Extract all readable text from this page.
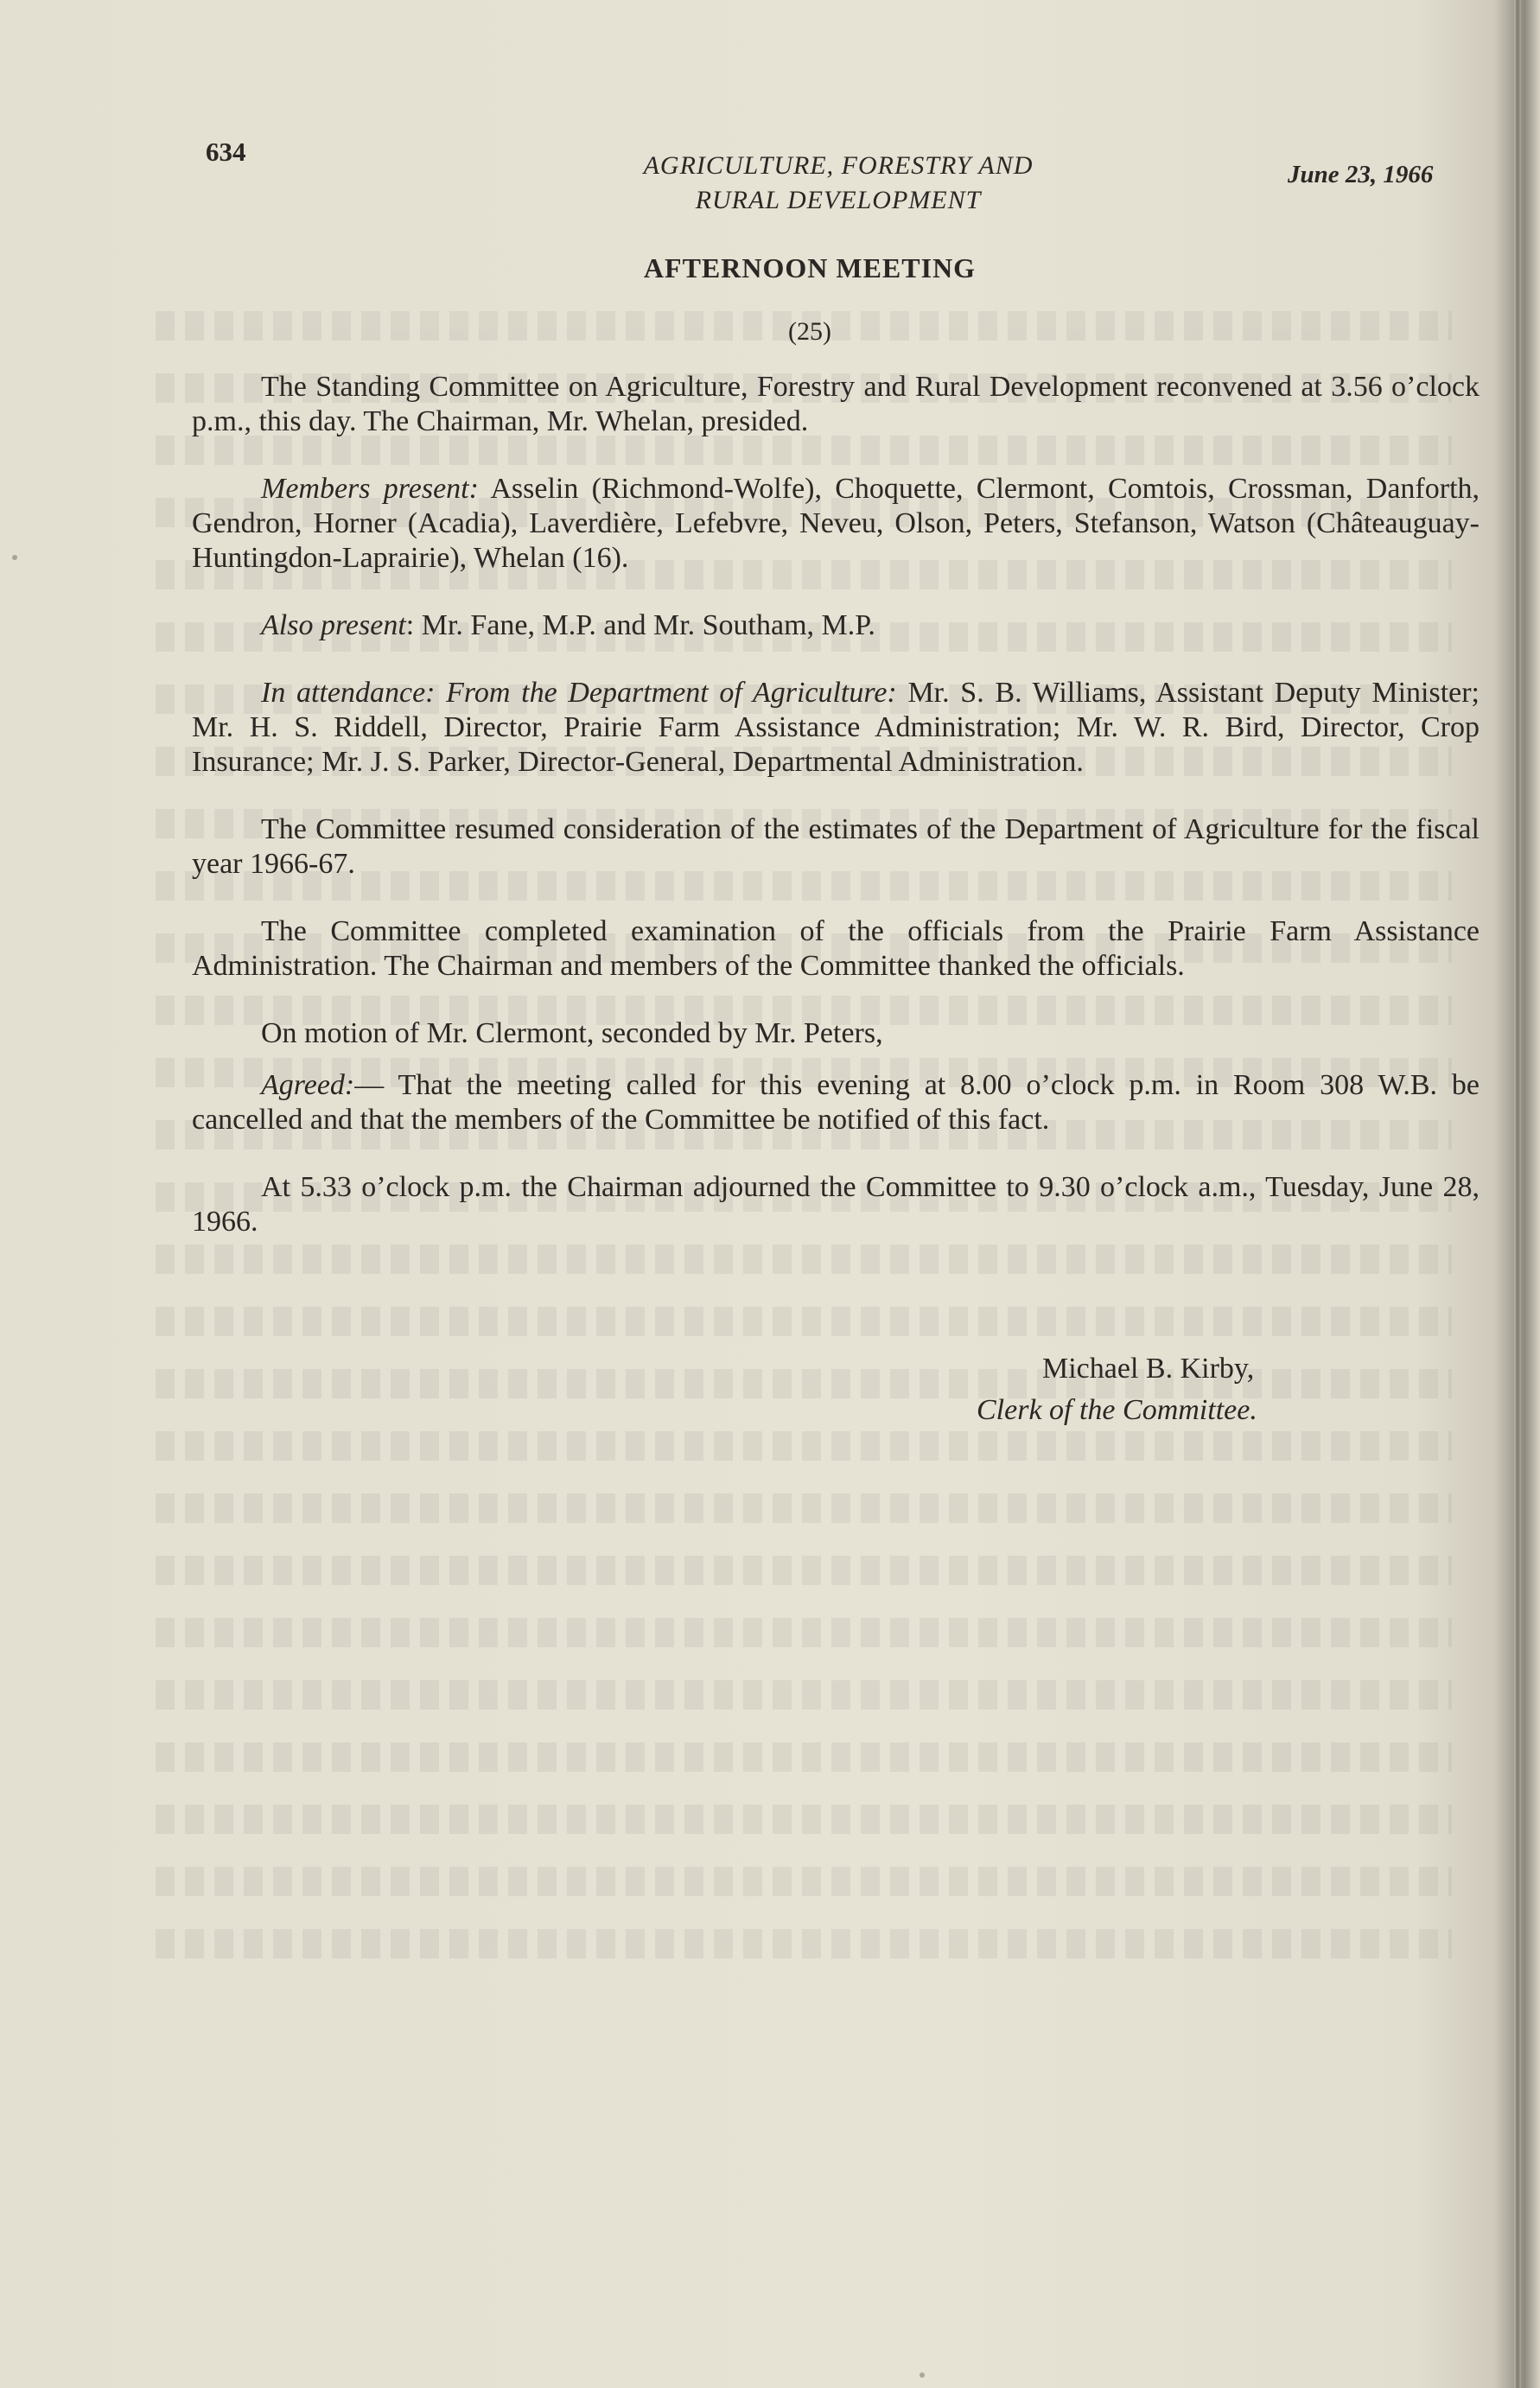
634	AGRICULTURE, FORESTRY AND
RURAL DEVELOPMENT
June 23, 1966
AFTERNOON MEETING
(25)

The Standing Committee on Agriculture, Forestry and Rural Development reconvened at 3.56 o’clock p.m., this day. The Chairman, Mr. Whelan, presided.

Members present: Asselin (Richmond-Wolfe), Choquette, Clermont, Comtois, Crossman, Danforth, Gendron, Horner (Acadia), Laverdière, Lefebvre, Neveu, Olson, Peters, Stefanson, Watson (Châteauguay-Huntingdon-Laprairie), Whelan (16).

Also present: Mr. Fane, M.P. and Mr. Southam, M.P.

In attendance: From the Department of Agriculture: Mr. S. B. Williams, Assistant Deputy Minister; Mr. H. S. Riddell, Director, Prairie Farm Assistance Administration; Mr. W. R. Bird, Director, Crop Insurance; Mr. J. S. Parker, Director-General, Departmental Administration.

The Committee resumed consideration of the estimates of the Department of Agriculture for the fiscal year 1966-67.

The Committee completed examination of the officials from the Prairie Farm Assistance Administration. The Chairman and members of the Committee thanked the officials.

On motion of Mr. Clermont, seconded by Mr. Peters,

Agreed:— That the meeting called for this evening at 8.00 o’clock p.m. in Room 308 W.B. be cancelled and that the members of the Committee be notified of this fact.

At 5.33 o’clock p.m. the Chairman adjourned the Committee to 9.30 o’clock a.m., Tuesday, June 28, 1966.

Michael B. Kirby,
Clerk of the Committee.
